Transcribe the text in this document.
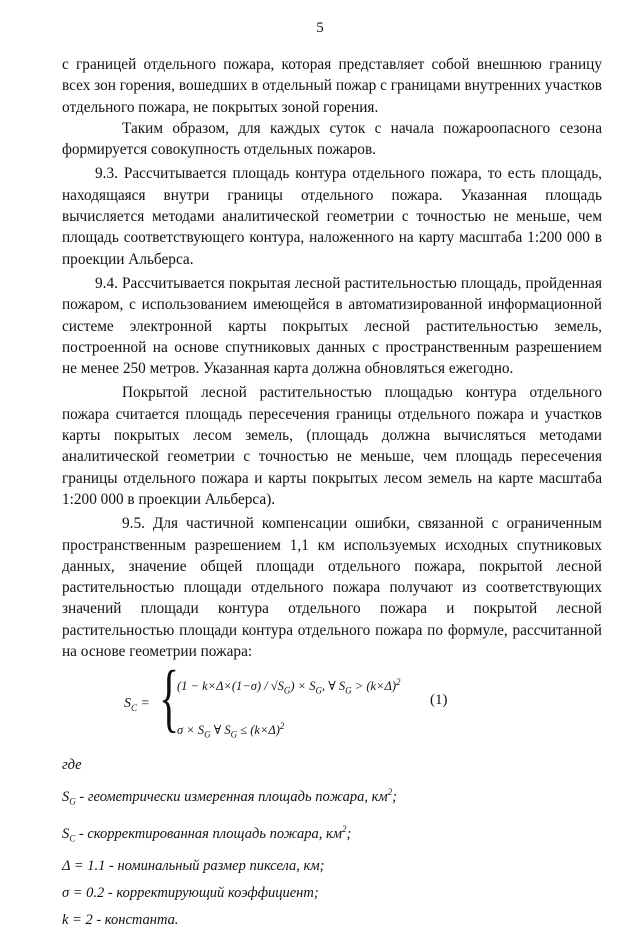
5

с границей отдельного пожара, которая представляет собой внешнюю границу всех зон горения, вошедших в отдельный пожар с границами внутренних участков отдельного пожара, не покрытых зоной горения.

Таким образом, для каждых суток с начала пожароопасного сезона формируется совокупность отдельных пожаров.

9.3. Рассчитывается площадь контура отдельного пожара, то есть площадь, находящаяся внутри границы отдельного пожара. Указанная площадь вычисляется методами аналитической геометрии с точностью не меньше, чем площадь соответствующего контура, наложенного на карту масштаба 1:200 000 в проекции Альберса.

9.4. Рассчитывается покрытая лесной растительностью площадь, пройденная пожаром, с использованием имеющейся в автоматизированной информационной системе электронной карты покрытых лесной растительностью земель, построенной на основе спутниковых данных с пространственным разрешением не менее 250 метров. Указанная карта должна обновляться ежегодно.

Покрытой лесной растительностью площадью контура отдельного пожара считается площадь пересечения границы отдельного пожара и участков карты покрытых лесом земель, (площадь должна вычисляться методами аналитической геометрии с точностью не меньше, чем площадь пересечения границы отдельного пожара и карты покрытых лесом земель на карте масштаба 1:200 000 в проекции Альберса).

9.5. Для частичной компенсации ошибки, связанной с ограниченным пространственным разрешением 1,1 км используемых исходных спутниковых данных, значение общей площади отдельного пожара, покрытой лесной растительностью площади отдельного пожара получают из соответствующих значений площади контура отдельного пожара и покрытой лесной растительностью площади контура отдельного пожара по формуле, рассчитанной на основе геометрии пожара:

$S_C$ = {
$(1 - k\times\Delta\times(1-\sigma) / √S_G) \times S_G$, ∀ $S_G > (k\times\Delta)^2$
$\sigma \times S_G$ ∀ $S_G \le (k\times\Delta)^2$
(1)

где

$S_G$ - геометрически измеренная площадь пожара, $км^2$;

$S_C$ - скорректированная площадь пожара, $км^2$;

Δ = 1.1 - номинальный размер пиксела, км;

σ = 0.2 - корректирующий коэффициент;

k = 2 - константа.
